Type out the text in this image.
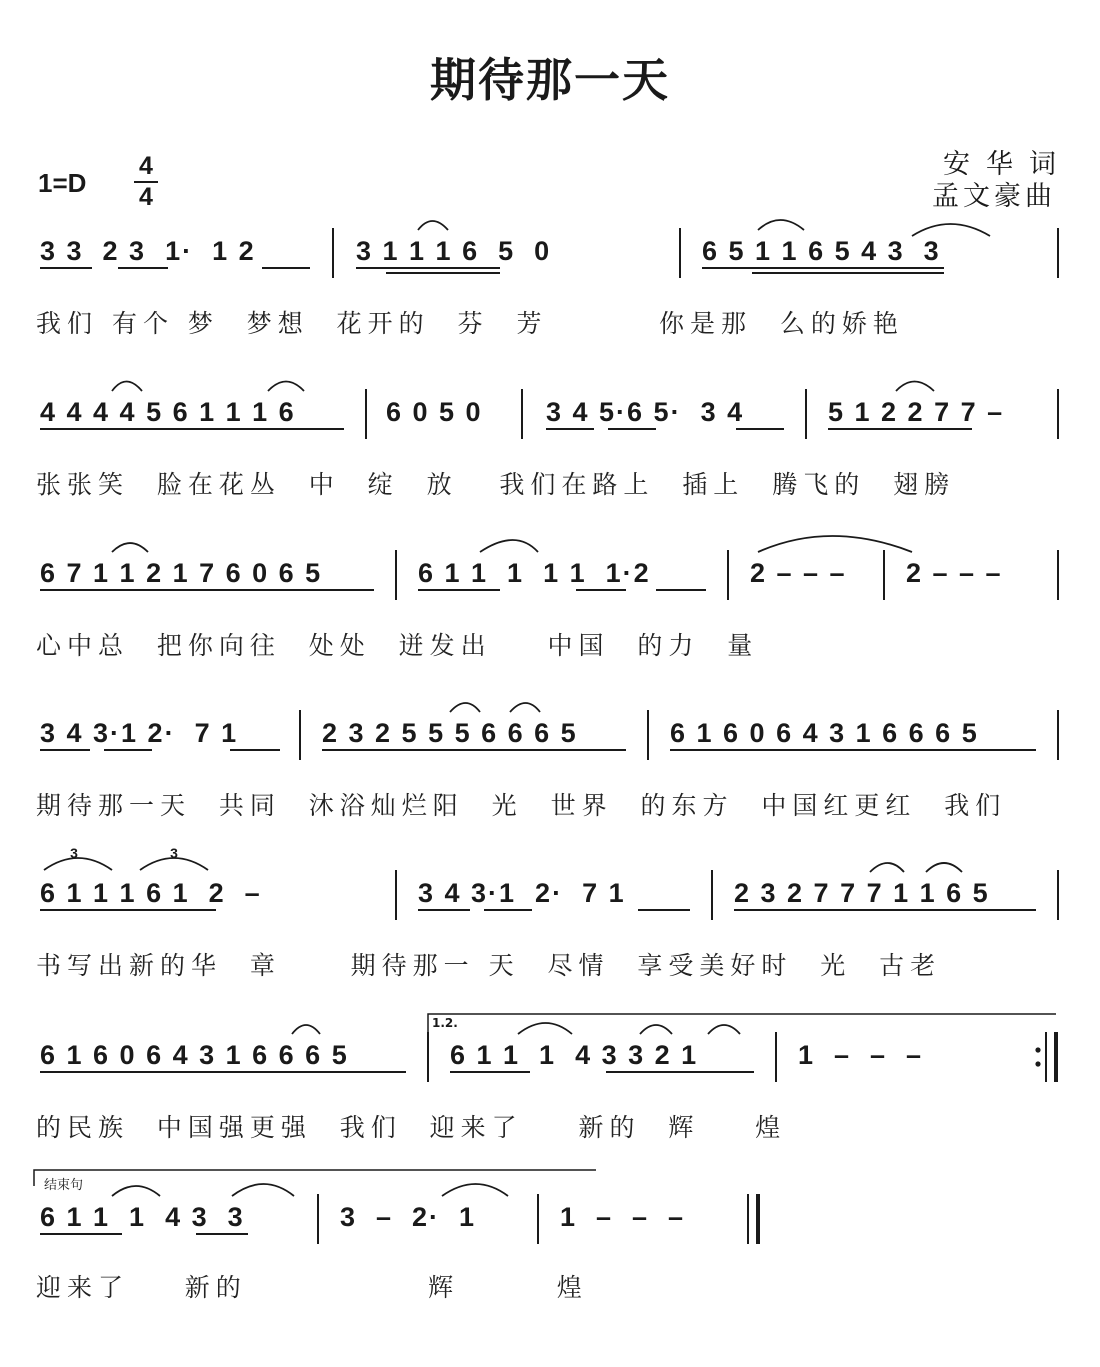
期待那一天
1=D
4
4
安华词
孟文豪曲
3 3  2 3  1·  1 2	3 1 1 1 6  5  0	6 5 1 1 6 5 4 3  3
我们 有个 梦  梦想  花开的  芬  芳        你是那  么的娇艳
4 4 4 4 5 6 1 1 1 6	6 0 5 0 3 4 5·6 5·  3 4	5 1 2 2 7 7 –
张张笑  脸在花丛  中  绽  放   我们在路上  插上  腾飞的  翅膀
6 7 1 1 2 1 7 6 0 6 5	6 1 1  1  1 1  1·2	2 – – – 2 – – –
心中总  把你向往  处处  迸发出    中国  的力  量
3 4 3·1 2·  7 1	2 3 2 5 5 5 6 6 6 5	6 1 6 0 6 4 3 1 6 6 6 5
期待那一天  共同  沐浴灿烂阳  光  世界  的东方  中国红更红  我们
6 1 1 1 6 1  2  –	3 4 3·1  2·  7 1	2 3 2 7 7 7 1 1 6 5
书写出新的华  章     期待那一 天  尽情  享受美好时  光  古老
6 1 6 0 6 4 3 1 6 6 6 5	6 1 1  1  4 3 3 2 1	1  –  –  –
的民族  中国强更强  我们  迎来了    新的  辉    煌
1.2.
结束句
6 1 1  1  4 3  3	3  –  2·  1	1  –  –  –
迎来了    新的             辉       煌
3	3
